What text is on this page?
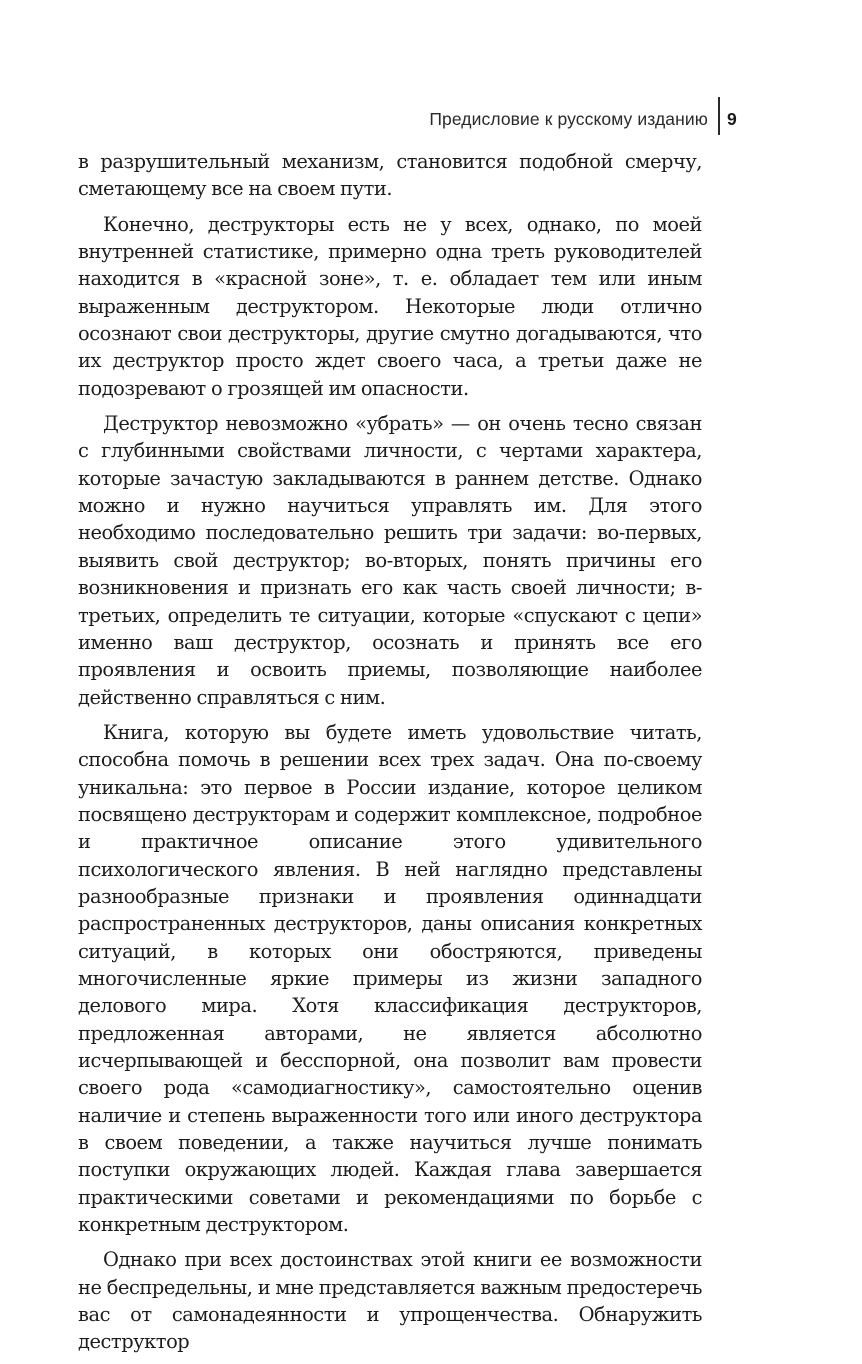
Предисловие к русскому изданию	9

в разрушительный механизм, становится подобной смерчу, сметающему все на своем пути.

Конечно, деструкторы есть не у всех, однако, по моей внутренней статистике, примерно одна треть руководителей находится в «красной зоне», т. е. обладает тем или иным выраженным деструктором. Некоторые люди отлично осознают свои деструкторы, другие смутно догадываются, что их деструктор просто ждет своего часа, а третьи даже не подозревают о грозящей им опасности.

Деструктор невозможно «убрать» — он очень тесно связан с глубинными свойствами личности, с чертами характера, которые зачастую закладываются в раннем детстве. Однако можно и нужно научиться управлять им. Для этого необходимо последовательно решить три задачи: во-первых, выявить свой деструктор; во-вторых, понять причины его возникновения и признать его как часть своей личности; в-третьих, определить те ситуации, которые «спускают с цепи» именно ваш деструктор, осознать и принять все его проявления и освоить приемы, позволяющие наиболее действенно справляться с ним.

Книга, которую вы будете иметь удовольствие читать, способна помочь в решении всех трех задач. Она по-своему уникальна: это первое в России издание, которое целиком посвящено деструкторам и содержит комплексное, подробное и практичное описание этого удивительного психологического явления. В ней наглядно представлены разнообразные признаки и проявления одиннадцати распространенных деструкторов, даны описания конкретных ситуаций, в которых они обостряются, приведены многочисленные яркие примеры из жизни западного делового мира. Хотя классификация деструкторов, предложенная авторами, не является абсолютно исчерпывающей и бесспорной, она позволит вам провести своего рода «самодиагностику», самостоятельно оценив наличие и степень выраженности того или иного деструктора в своем поведении, а также научиться лучше понимать поступки окружающих людей. Каждая глава завершается практическими советами и рекомендациями по борьбе с конкретным деструктором.

Однако при всех достоинствах этой книги ее возможности не беспредельны, и мне представляется важным предостеречь вас от самонадеянности и упрощенчества. Обнаружить деструктор
